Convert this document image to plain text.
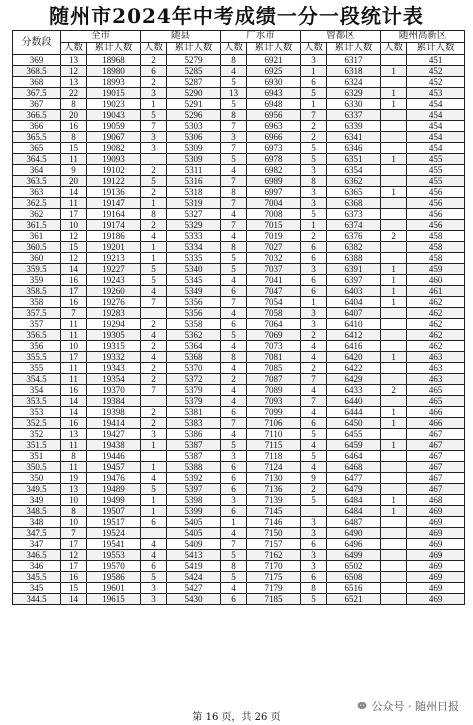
随州市2024年中考成绩一分一段统计表
分数段	全市		随县		广水市		曾都区		随州高新区	
	人数	累计人数	人数	累计人数	人数	累计人数	人数	累计人数	人数	累计人数
369	13	18968	2	5279	8	6921	3	6317		451
368.5	12	18980	6	5285	4	6925	1	6318	1	452
368	13	18993	2	5287	5	6930	6	6324		452
367.5	22	19015	3	5290	13	6943	5	6329	1	453
367	8	19023	1	5291	5	6948	1	6330	1	454
366.5	20	19043	5	5296	8	6956	7	6337		454
366	16	19059	7	5303	7	6963	2	6339		454
365.5	8	19067	3	5306	3	6966	2	6341		454
365	15	19082	3	5309	7	6973	5	6346		454
364.5	11	19093		5309	5	6978	5	6351	1	455
364	9	19102	2	5311	4	6982	3	6354		455
363.5	20	19122	5	5316	7	6989	8	6362		455
363	14	19136	2	5318	8	6997	3	6365	1	456
362.5	11	19147	1	5319	7	7004	3	6368		456
362	17	19164	8	5327	4	7008	5	6373		456
361.5	10	19174	2	5329	7	7015	1	6374		456
361	12	19186	4	5333	4	7019	2	6376	2	458
360.5	15	19201	1	5334	8	7027	6	6382		458
360	12	19213	1	5335	5	7032	6	6388		458
359.5	14	19227	5	5340	5	7037	3	6391	1	459
359	16	19243	5	5345	4	7041	6	6397	1	460
358.5	17	19260	4	5349	6	7047	6	6403	1	461
358	16	19276	7	5356	7	7054	1	6404	1	462
357.5	7	19283		5356	4	7058	3	6407		462
357	11	19294	2	5358	6	7064	3	6410		462
356.5	11	19305	4	5362	5	7069	2	6412		462
356	10	19315	2	5364	4	7073	4	6416		462
355.5	17	19332	4	5368	8	7081	4	6420	1	463
355	11	19343	2	5370	4	7085	2	6422		463
354.5	11	19354	2	5372	2	7087	7	6429		463
354	16	19370	7	5379	4	7089	4	6433	2	465
353.5	14	19384		5379	4	7093	7	6440		465
353	14	19398	2	5381	6	7099	4	6444	1	466
352.5	16	19414	2	5383	7	7106	6	6450	1	466
352	13	19427	3	5386	4	7110	5	6455		467
351.5	11	19438	1	5387	5	7115	4	6459	1	467
351	8	19446		5387	3	7118	5	6464		467
350.5	11	19457	1	5388	6	7124	4	6468		467
350	19	19476	4	5392	6	7130	9	6477		467
349.5	13	19489	5	5397	6	7136	2	6479		467
349	10	19499	1	5398	3	7139	5	6484	1	468
348.5	8	19507	1	5399	6	7145		6484	1	469
348	10	19517	6	5405	1	7146	3	6487		469
347.5	7	19524		5405	4	7150	3	6490		469
347	17	19541	4	5409	7	7157	6	6496		469
346.5	12	19553	4	5413	5	7162	3	6499		469
346	17	19570	6	5419	8	7170	3	6502		469
345.5	16	19586	5	5424	5	7175	6	6508		469
345	15	19601	3	5427	4	7179	8	6516		469
344.5	14	19615	3	5430	6	7185	5	6521		469
第 16 页，共 26 页
公众号 · 随州日报
